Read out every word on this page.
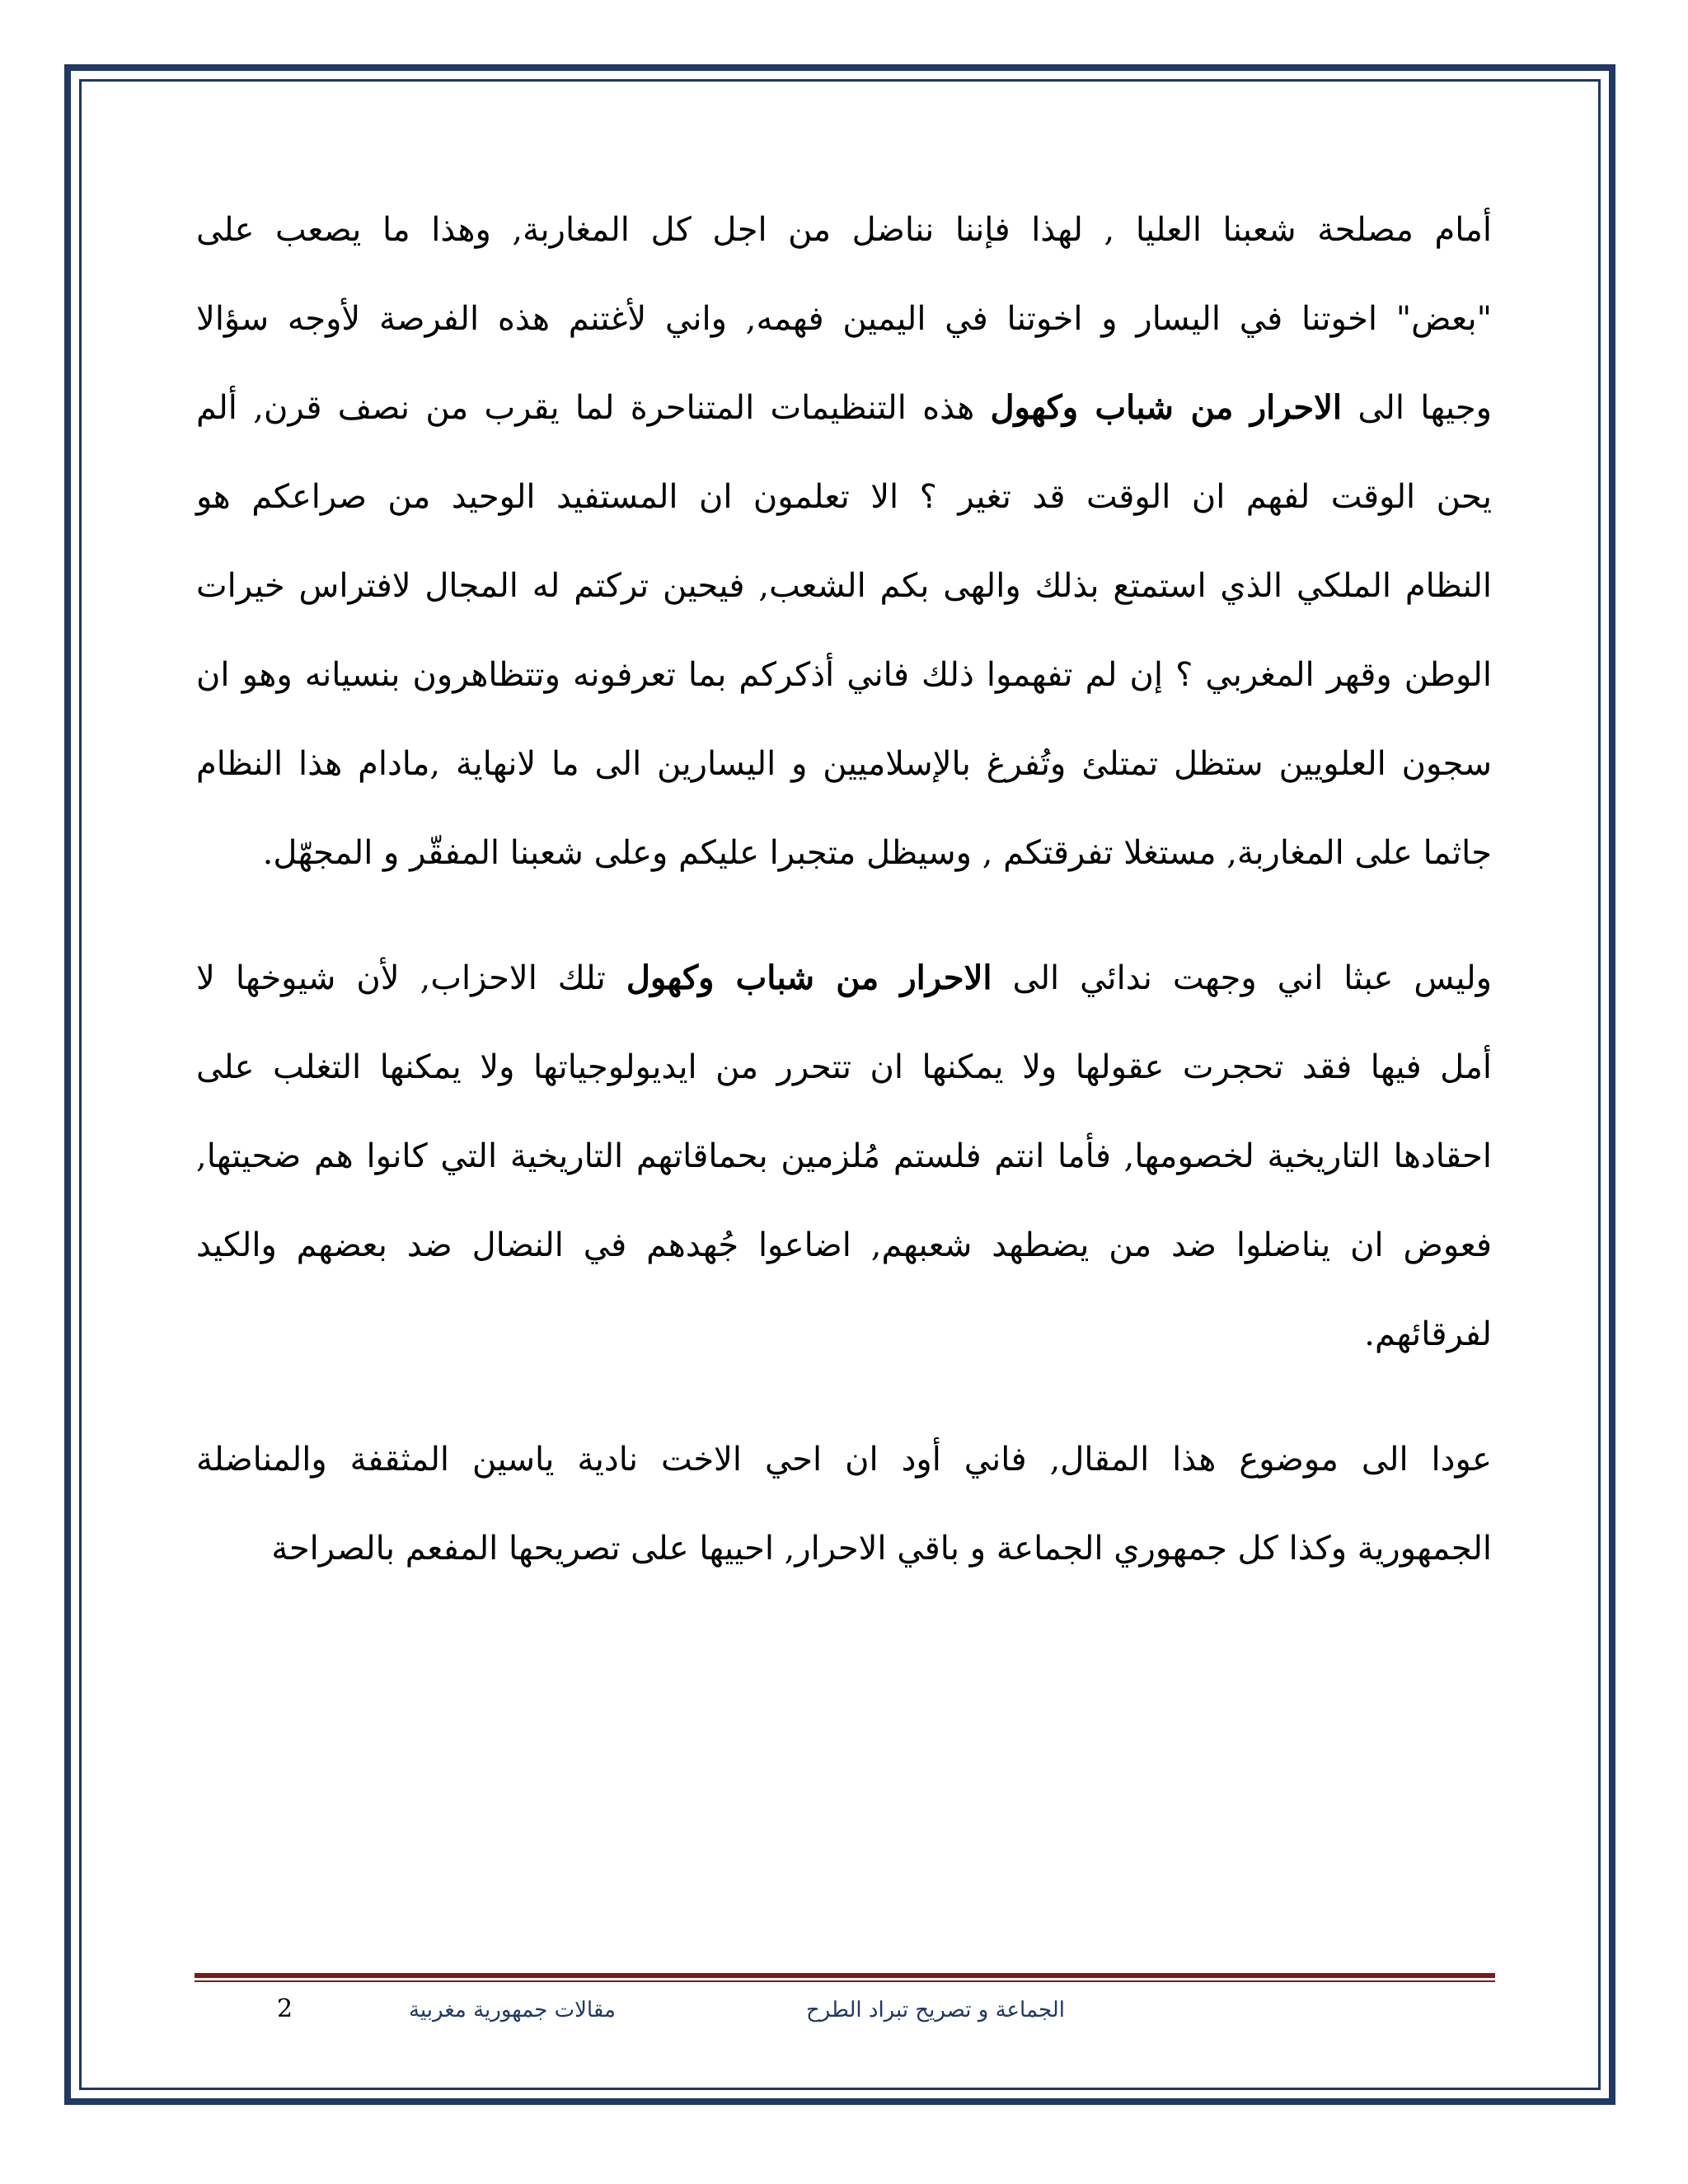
أمام مصلحة شعبنا العليا , لهذا فإننا نناضل من اجل كل المغاربة, وهذا ما يصعب على
"بعض" اخوتنا في اليسار و اخوتنا في اليمين فهمه, واني لأغتنم هذه الفرصة لأوجه سؤالا
وجيها الى الاحرار من شباب وكهول هذه التنظيمات المتناحرة لما يقرب من نصف قرن, ألم
يحن الوقت لفهم ان الوقت قد تغير ؟ الا تعلمون ان المستفيد الوحيد من صراعكم هو
النظام الملكي الذي استمتع بذلك والهى بكم الشعب, فيحين تركتم له المجال لافتراس خيرات
الوطن وقهر المغربي ؟ إن لم تفهموا ذلك فاني أذكركم بما تعرفونه وتتظاهرون بنسيانه وهو ان
سجون العلويين ستظل تمتلئ وتُفرغ بالإسلاميين و اليسارين الى ما لانهاية ,مادام هذا النظام
جاثما على المغاربة, مستغلا تفرقتكم , وسيظل متجبرا عليكم وعلى شعبنا المفقّر و المجهّل.
وليس عبثا اني وجهت ندائي الى الاحرار من شباب وكهول تلك الاحزاب, لأن شيوخها لا
أمل فيها فقد تحجرت عقولها ولا يمكنها ان تتحرر من ايديولوجياتها ولا يمكنها التغلب على
احقادها التاريخية لخصومها, فأما انتم فلستم مُلزمين بحماقاتهم التاريخية التي كانوا هم ضحيتها,
فعوض ان يناضلوا ضد من يضطهد شعبهم, اضاعوا جُهدهم في النضال ضد بعضهم والكيد
لفرقائهم.
عودا الى موضوع هذا المقال, فاني أود ان احي الاخت نادية ياسين المثقفة والمناضلة
الجمهورية وكذا كل جمهوري الجماعة و باقي الاحرار, احييها على تصريحها المفعم بالصراحة
الجماعة و تصريح تبراد الطرح
مقالات جمهورية مغربية
2
